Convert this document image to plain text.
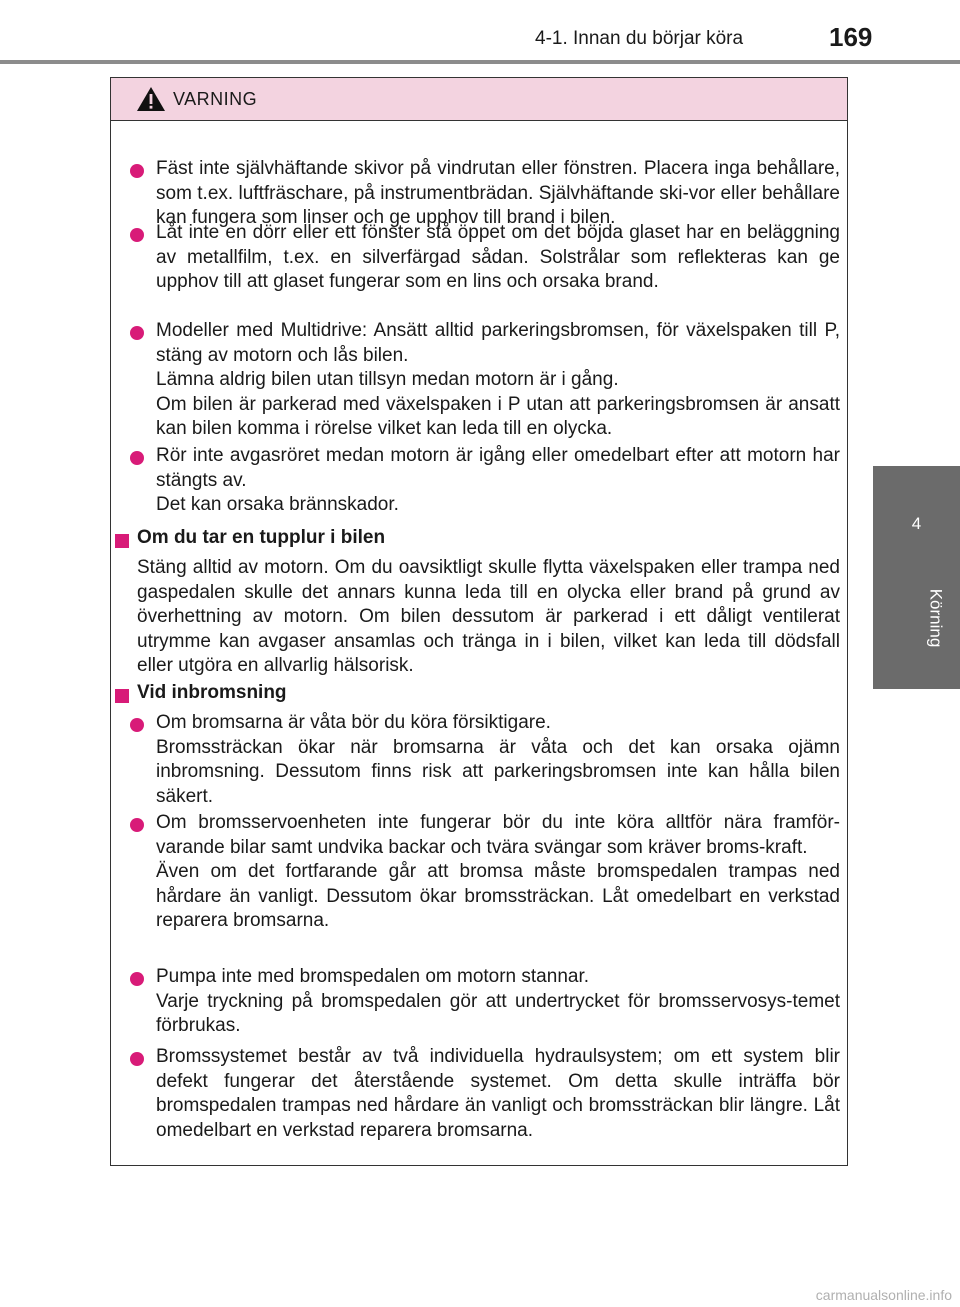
4-1. Innan du börjar köra	169
4
Körning
VARNING

Fäst inte självhäftande skivor på vindrutan eller fönstren. Placera inga behållare, som t.ex. luftfräschare, på instrumentbrädan. Självhäftande ski-vor eller behållare kan fungera som linser och ge upphov till brand i bilen.

Låt inte en dörr eller ett fönster stå öppet om det böjda glaset har en beläggning av metallfilm, t.ex. en silverfärgad sådan. Solstrålar som reflekteras kan ge upphov till att glaset fungerar som en lins och orsaka brand.

Modeller med Multidrive: Ansätt alltid parkeringsbromsen, för växelspaken till P, stäng av motorn och lås bilen.

Lämna aldrig bilen utan tillsyn medan motorn är i gång.

Om bilen är parkerad med växelspaken i P utan att parkeringsbromsen är ansatt kan bilen komma i rörelse vilket kan leda till en olycka.

Rör inte avgasröret medan motorn är igång eller omedelbart efter att motorn har stängts av.

Det kan orsaka brännskador.

Om du tar en tupplur i bilen

Stäng alltid av motorn. Om du oavsiktligt skulle flytta växelspaken eller trampa ned gaspedalen skulle det annars kunna leda till en olycka eller brand på grund av överhettning av motorn. Om bilen dessutom är parkerad i ett dåligt ventilerat utrymme kan avgaser ansamlas och tränga in i bilen, vilket kan leda till dödsfall eller utgöra en allvarlig hälsorisk.

Vid inbromsning

Om bromsarna är våta bör du köra försiktigare.

Bromssträckan ökar när bromsarna är våta och det kan orsaka ojämn inbromsning. Dessutom finns risk att parkeringsbromsen inte kan hålla bilen säkert.

Om bromsservoenheten inte fungerar bör du inte köra alltför nära framför-varande bilar samt undvika backar och tvära svängar som kräver broms-kraft.

Även om det fortfarande går att bromsa måste bromspedalen trampas ned hårdare än vanligt. Dessutom ökar bromssträckan. Låt omedelbart en verkstad reparera bromsarna.

Pumpa inte med bromspedalen om motorn stannar.

Varje tryckning på bromspedalen gör att undertrycket för bromsservosys-temet förbrukas.

Bromssystemet består av två individuella hydraulsystem; om ett system blir defekt fungerar det återstående systemet. Om detta skulle inträffa bör bromspedalen trampas ned hårdare än vanligt och bromssträckan blir längre. Låt omedelbart en verkstad reparera bromsarna.

carmanualsonline.info
